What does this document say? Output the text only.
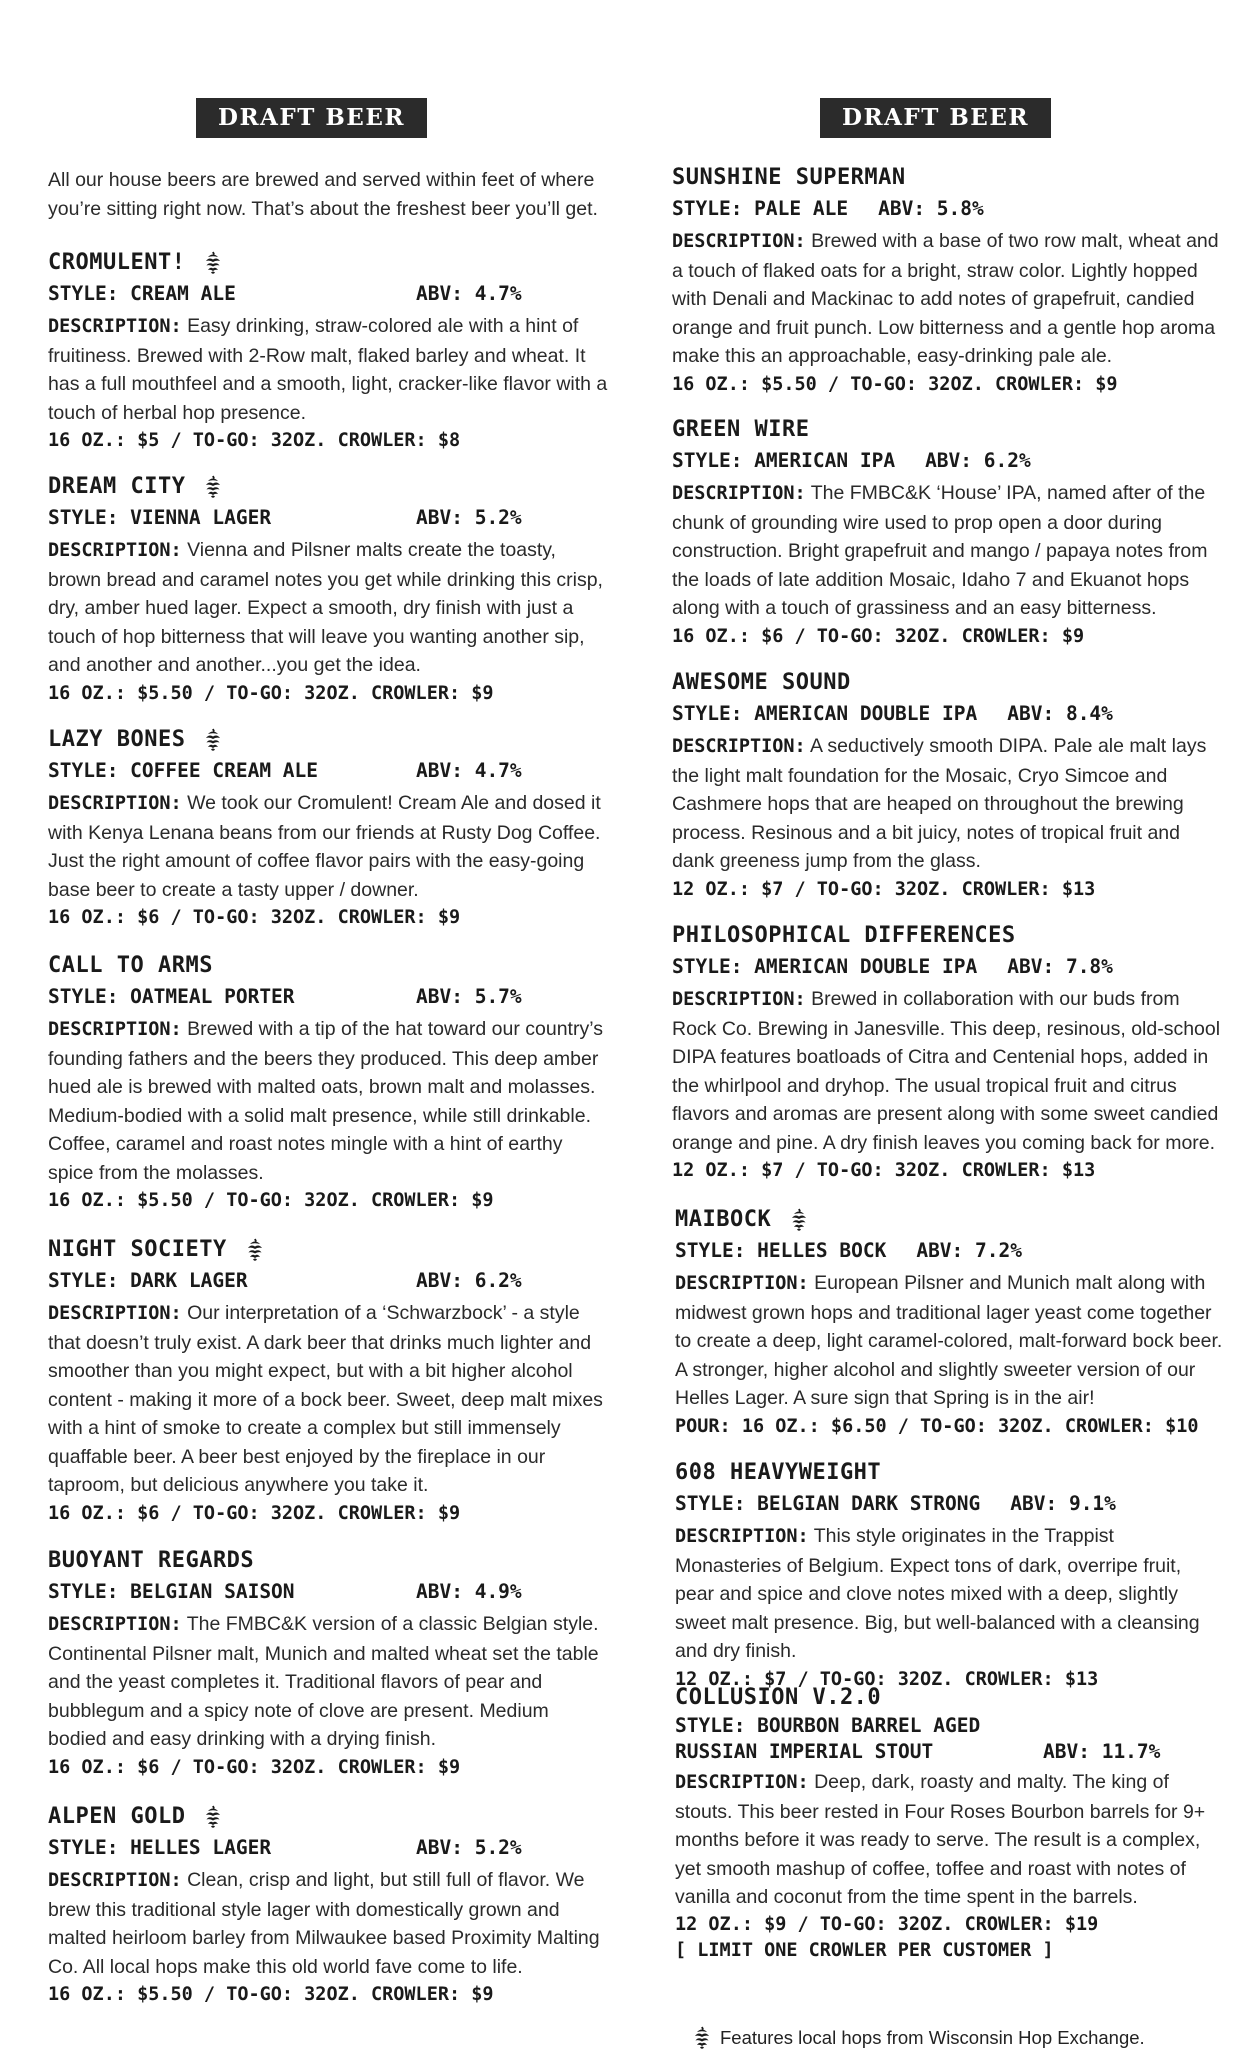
DRAFT BEER
All our house beers are brewed and served within feet of where you’re sitting right now. That’s about the freshest beer you’ll get.
CROMULENT!
STYLE: CREAM ALE	ABV: 4.7%
DESCRIPTION: Easy drinking, straw-colored ale with a hint of fruitiness. Brewed with 2-Row malt, flaked barley and wheat. It has a full mouthfeel and a smooth, light, cracker-like flavor with a touch of herbal hop presence.
16 OZ.: $5 / TO-GO: 32OZ. CROWLER: $8
DREAM CITY
STYLE: VIENNA LAGER	ABV: 5.2%
DESCRIPTION: Vienna and Pilsner malts create the toasty, brown bread and caramel notes you get while drinking this crisp, dry, amber hued lager. Expect a smooth, dry finish with just a touch of hop bitterness that will leave you wanting another sip, and another and another...you get the idea.
16 OZ.: $5.50 / TO-GO: 32OZ. CROWLER: $9
LAZY BONES
STYLE: COFFEE CREAM ALE	ABV: 4.7%
DESCRIPTION: We took our Cromulent! Cream Ale and dosed it with Kenya Lenana beans from our friends at Rusty Dog Coffee. Just the right amount of coffee flavor pairs with the easy-going base beer to create a tasty upper / downer.
16 OZ.: $6 / TO-GO: 32OZ. CROWLER: $9
CALL TO ARMS
STYLE: OATMEAL PORTER	ABV: 5.7%
DESCRIPTION: Brewed with a tip of the hat toward our country’s founding fathers and the beers they produced. This deep amber hued ale is brewed with malted oats, brown malt and molasses. Medium-bodied with a solid malt presence, while still drinkable. Coffee, caramel and roast notes mingle with a hint of earthy spice from the molasses.
16 OZ.: $5.50 / TO-GO: 32OZ. CROWLER: $9
NIGHT SOCIETY
STYLE: DARK LAGER	ABV: 6.2%
DESCRIPTION: Our interpretation of a ‘Schwarzbock’ - a style that doesn’t truly exist. A dark beer that drinks much lighter and smoother than you might expect, but with a bit higher alcohol content - making it more of a bock beer. Sweet, deep malt mixes with a hint of smoke to create a complex but still immensely quaffable beer. A beer best enjoyed by the fireplace in our taproom, but delicious anywhere you take it.
16 OZ.: $6 / TO-GO: 32OZ. CROWLER: $9
BUOYANT REGARDS
STYLE: BELGIAN SAISON	ABV: 4.9%
DESCRIPTION: The FMBC&K version of a classic Belgian style. Continental Pilsner malt, Munich and malted wheat set the table and the yeast completes it. Traditional flavors of pear and bubblegum and a spicy note of clove are present. Medium bodied and easy drinking with a drying finish.
16 OZ.: $6 / TO-GO: 32OZ. CROWLER: $9
ALPEN GOLD
STYLE: HELLES LAGER	ABV: 5.2%
DESCRIPTION: Clean, crisp and light, but still full of flavor. We brew this traditional style lager with domestically grown and malted heirloom barley from Milwaukee based Proximity Malting Co. All local hops make this old world fave come to life.
16 OZ.: $5.50 / TO-GO: 32OZ. CROWLER: $9
DRAFT BEER
SUNSHINE SUPERMAN
STYLE: PALE ALE ABV: 5.8%
DESCRIPTION: Brewed with a base of two row malt, wheat and a touch of flaked oats for a bright, straw color. Lightly hopped with Denali and Mackinac to add notes of grapefruit, candied orange and fruit punch. Low bitterness and a gentle hop aroma make this an approachable, easy-drinking pale ale.
16 OZ.: $5.50 / TO-GO: 32OZ. CROWLER: $9
GREEN WIRE
STYLE: AMERICAN IPA ABV: 6.2%
DESCRIPTION: The FMBC&K ‘House’ IPA, named after of the chunk of grounding wire used to prop open a door during construction. Bright grapefruit and mango / papaya notes from the loads of late addition Mosaic, Idaho 7 and Ekuanot hops along with a touch of grassiness and an easy bitterness.
16 OZ.: $6 / TO-GO: 32OZ. CROWLER: $9
AWESOME SOUND
STYLE: AMERICAN DOUBLE IPA ABV: 8.4%
DESCRIPTION: A seductively smooth DIPA. Pale ale malt lays the light malt foundation for the Mosaic, Cryo Simcoe and Cashmere hops that are heaped on throughout the brewing process. Resinous and a bit juicy, notes of tropical fruit and dank greeness jump from the glass.
12 OZ.: $7 / TO-GO: 32OZ. CROWLER: $13
PHILOSOPHICAL DIFFERENCES
STYLE: AMERICAN DOUBLE IPA ABV: 7.8%
DESCRIPTION: Brewed in collaboration with our buds from Rock Co. Brewing in Janesville. This deep, resinous, old-school DIPA features boatloads of Citra and Centenial hops, added in the whirlpool and dryhop. The usual tropical fruit and citrus flavors and aromas are present along with some sweet candied orange and pine. A dry finish leaves you coming back for more.
12 OZ.: $7 / TO-GO: 32OZ. CROWLER: $13
MAIBOCK
STYLE: HELLES BOCK ABV: 7.2%
DESCRIPTION: European Pilsner and Munich malt along with midwest grown hops and traditional lager yeast come together to create a deep, light caramel-colored, malt-forward bock beer. A stronger, higher alcohol and slightly sweeter version of our Helles Lager. A sure sign that Spring is in the air!
POUR: 16 OZ.: $6.50 / TO-GO: 32OZ. CROWLER: $10
608 HEAVYWEIGHT
STYLE: BELGIAN DARK STRONG ABV: 9.1%
DESCRIPTION: This style originates in the Trappist Monasteries of Belgium. Expect tons of dark, overripe fruit, pear and spice and clove notes mixed with a deep, slightly sweet malt presence. Big, but well-balanced with a cleansing and dry finish.
12 OZ.: $7 / TO-GO: 32OZ. CROWLER: $13
COLLUSION V.2.0
STYLE: BOURBON BARREL AGED
RUSSIAN IMPERIAL STOUT	ABV: 11.7%
DESCRIPTION: Deep, dark, roasty and malty. The king of stouts. This beer rested in Four Roses Bourbon barrels for 9+ months before it was ready to serve. The result is a complex, yet smooth mashup of coffee, toffee and roast with notes of vanilla and coconut from the time spent in the barrels.
12 OZ.: $9 / TO-GO: 32OZ. CROWLER: $19
[ LIMIT ONE CROWLER PER CUSTOMER ]
Features local hops from Wisconsin Hop Exchange.
